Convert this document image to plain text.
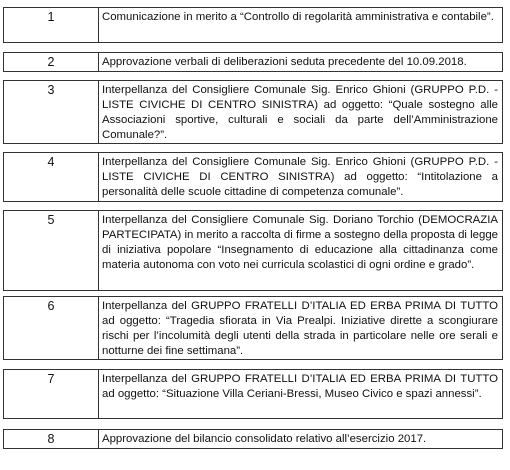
1	Comunicazione in merito a “Controllo di regolarità amministrativa e contabile”.
2	Approvazione verbali di deliberazioni seduta precedente del 10.09.2018.
3	Interpellanza del Consigliere Comunale Sig. Enrico Ghioni (GRUPPO P.D. - LISTE CIVICHE DI CENTRO SINISTRA) ad oggetto: “Quale sostegno alle Associazioni sportive, culturali e sociali da parte dell’Amministrazione Comunale?”.
4	Interpellanza del Consigliere Comunale Sig. Enrico Ghioni (GRUPPO P.D. - LISTE CIVICHE DI CENTRO SINISTRA) ad oggetto: “Intitolazione a personalità delle scuole cittadine di competenza comunale”.
5	Interpellanza del Consigliere Comunale Sig. Doriano Torchio (DEMOCRAZIA PARTECIPATA) in merito a raccolta di firme a sostegno della proposta di legge di iniziativa popolare “Insegnamento di educazione alla cittadinanza come materia autonoma con voto nei curricula scolastici di ogni ordine e grado”.
6	Interpellanza del GRUPPO FRATELLI D’ITALIA ED ERBA PRIMA DI TUTTO ad oggetto: “Tragedia sfiorata in Via Prealpi. Iniziative dirette a scongiurare rischi per l’incolumità degli utenti della strada in particolare nelle ore serali e notturne dei fine settimana”.
7	Interpellanza del GRUPPO FRATELLI D’ITALIA ED ERBA PRIMA DI TUTTO ad oggetto: “Situazione Villa Ceriani-Bressi, Museo Civico e spazi annessi”.
8	Approvazione del bilancio consolidato relativo all’esercizio 2017.
